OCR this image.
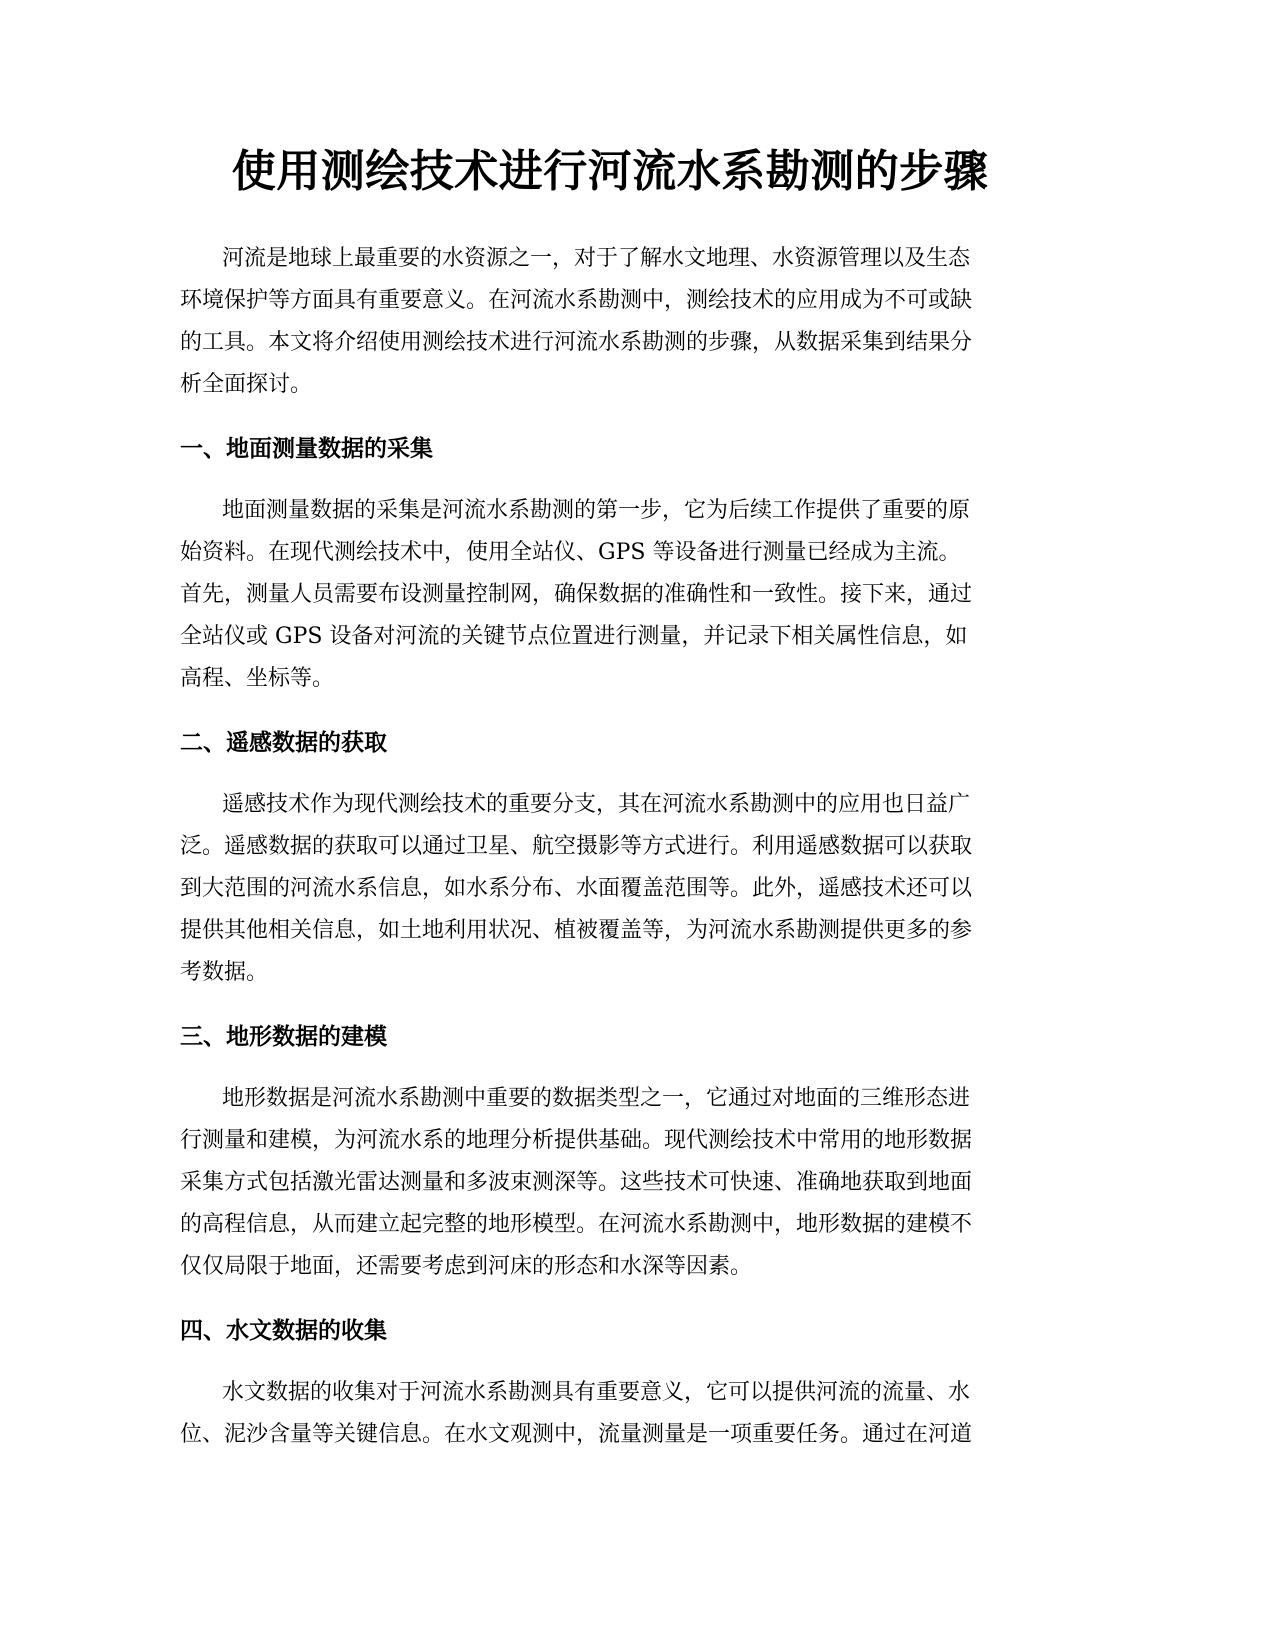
使用测绘技术进行河流水系勘测的步骤

河流是地球上最重要的水资源之一，对于了解水文地理、水资源管理以及生态
环境保护等方面具有重要意义。在河流水系勘测中，测绘技术的应用成为不可或缺
的工具。本文将介绍使用测绘技术进行河流水系勘测的步骤，从数据采集到结果分
析全面探讨。

一、地面测量数据的采集

地面测量数据的采集是河流水系勘测的第一步，它为后续工作提供了重要的原
始资料。在现代测绘技术中，使用全站仪、GPS 等设备进行测量已经成为主流。
首先，测量人员需要布设测量控制网，确保数据的准确性和一致性。接下来，通过
全站仪或 GPS 设备对河流的关键节点位置进行测量，并记录下相关属性信息，如
高程、坐标等。

二、遥感数据的获取

遥感技术作为现代测绘技术的重要分支，其在河流水系勘测中的应用也日益广
泛。遥感数据的获取可以通过卫星、航空摄影等方式进行。利用遥感数据可以获取
到大范围的河流水系信息，如水系分布、水面覆盖范围等。此外，遥感技术还可以
提供其他相关信息，如土地利用状况、植被覆盖等，为河流水系勘测提供更多的参
考数据。

三、地形数据的建模

地形数据是河流水系勘测中重要的数据类型之一，它通过对地面的三维形态进
行测量和建模，为河流水系的地理分析提供基础。现代测绘技术中常用的地形数据
采集方式包括激光雷达测量和多波束测深等。这些技术可快速、准确地获取到地面
的高程信息，从而建立起完整的地形模型。在河流水系勘测中，地形数据的建模不
仅仅局限于地面，还需要考虑到河床的形态和水深等因素。

四、水文数据的收集

水文数据的收集对于河流水系勘测具有重要意义，它可以提供河流的流量、水
位、泥沙含量等关键信息。在水文观测中，流量测量是一项重要任务。通过在河道
